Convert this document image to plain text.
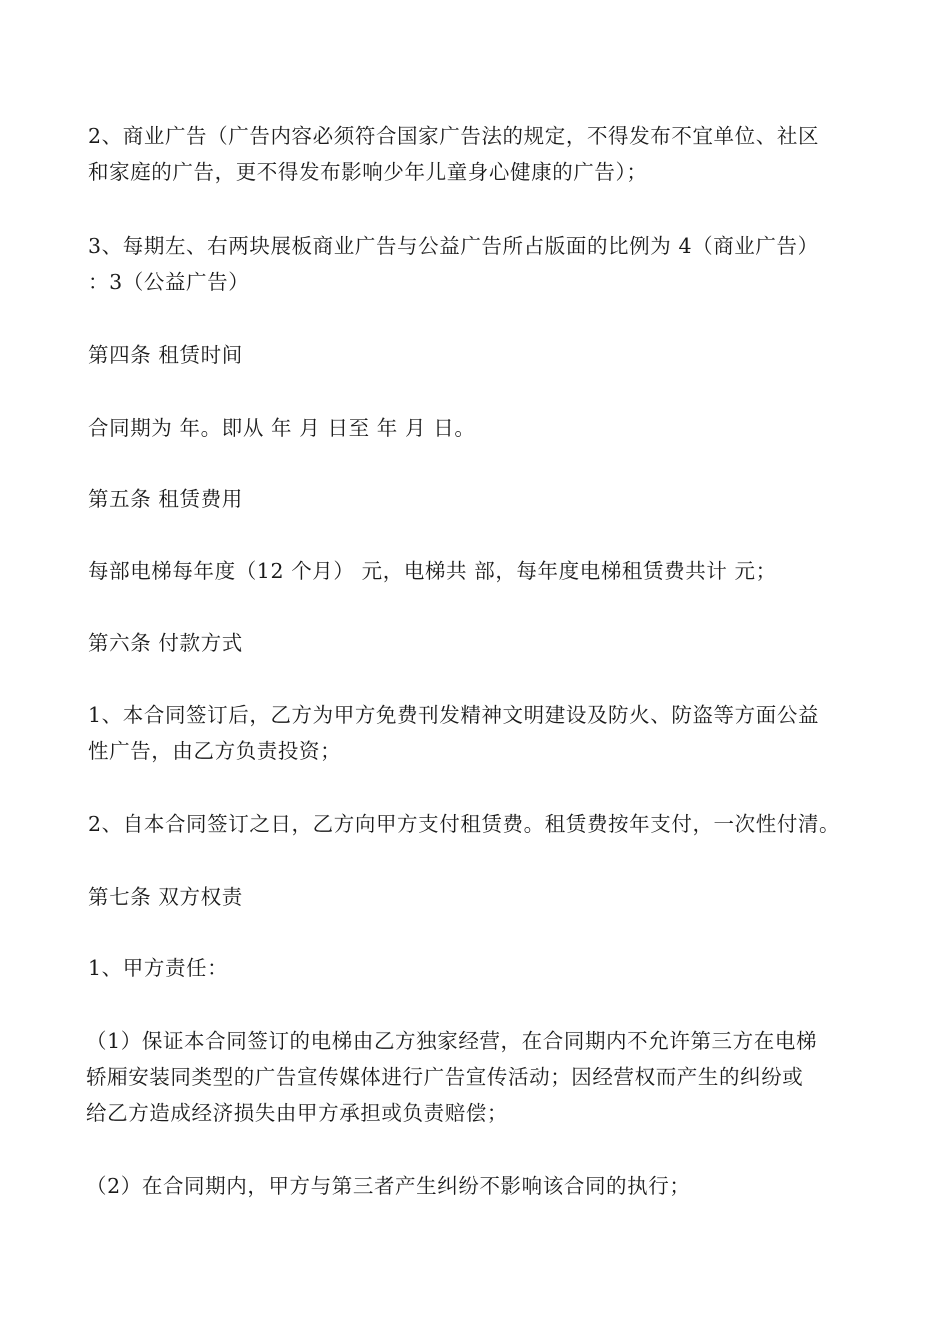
2、商业广告（广告内容必须符合国家广告法的规定，不得发布不宜单位、社区
和家庭的广告，更不得发布影响少年儿童身心健康的广告）；
3、每期左、右两块展板商业广告与公益广告所占版面的比例为 4（商业广告）
：3（公益广告）
第四条 租赁时间
合同期为 年。即从 年 月 日至 年 月 日。
第五条 租赁费用
每部电梯每年度（12 个月） 元，电梯共 部，每年度电梯租赁费共计 元；
第六条 付款方式
1、本合同签订后，乙方为甲方免费刊发精神文明建设及防火、防盗等方面公益
性广告，由乙方负责投资；
2、自本合同签订之日，乙方向甲方支付租赁费。租赁费按年支付，一次性付清。
第七条 双方权责
1、甲方责任：
（1）保证本合同签订的电梯由乙方独家经营，在合同期内不允许第三方在电梯
轿厢安装同类型的广告宣传媒体进行广告宣传活动；因经营权而产生的纠纷或
给乙方造成经济损失由甲方承担或负责赔偿；
（2）在合同期内，甲方与第三者产生纠纷不影响该合同的执行；
